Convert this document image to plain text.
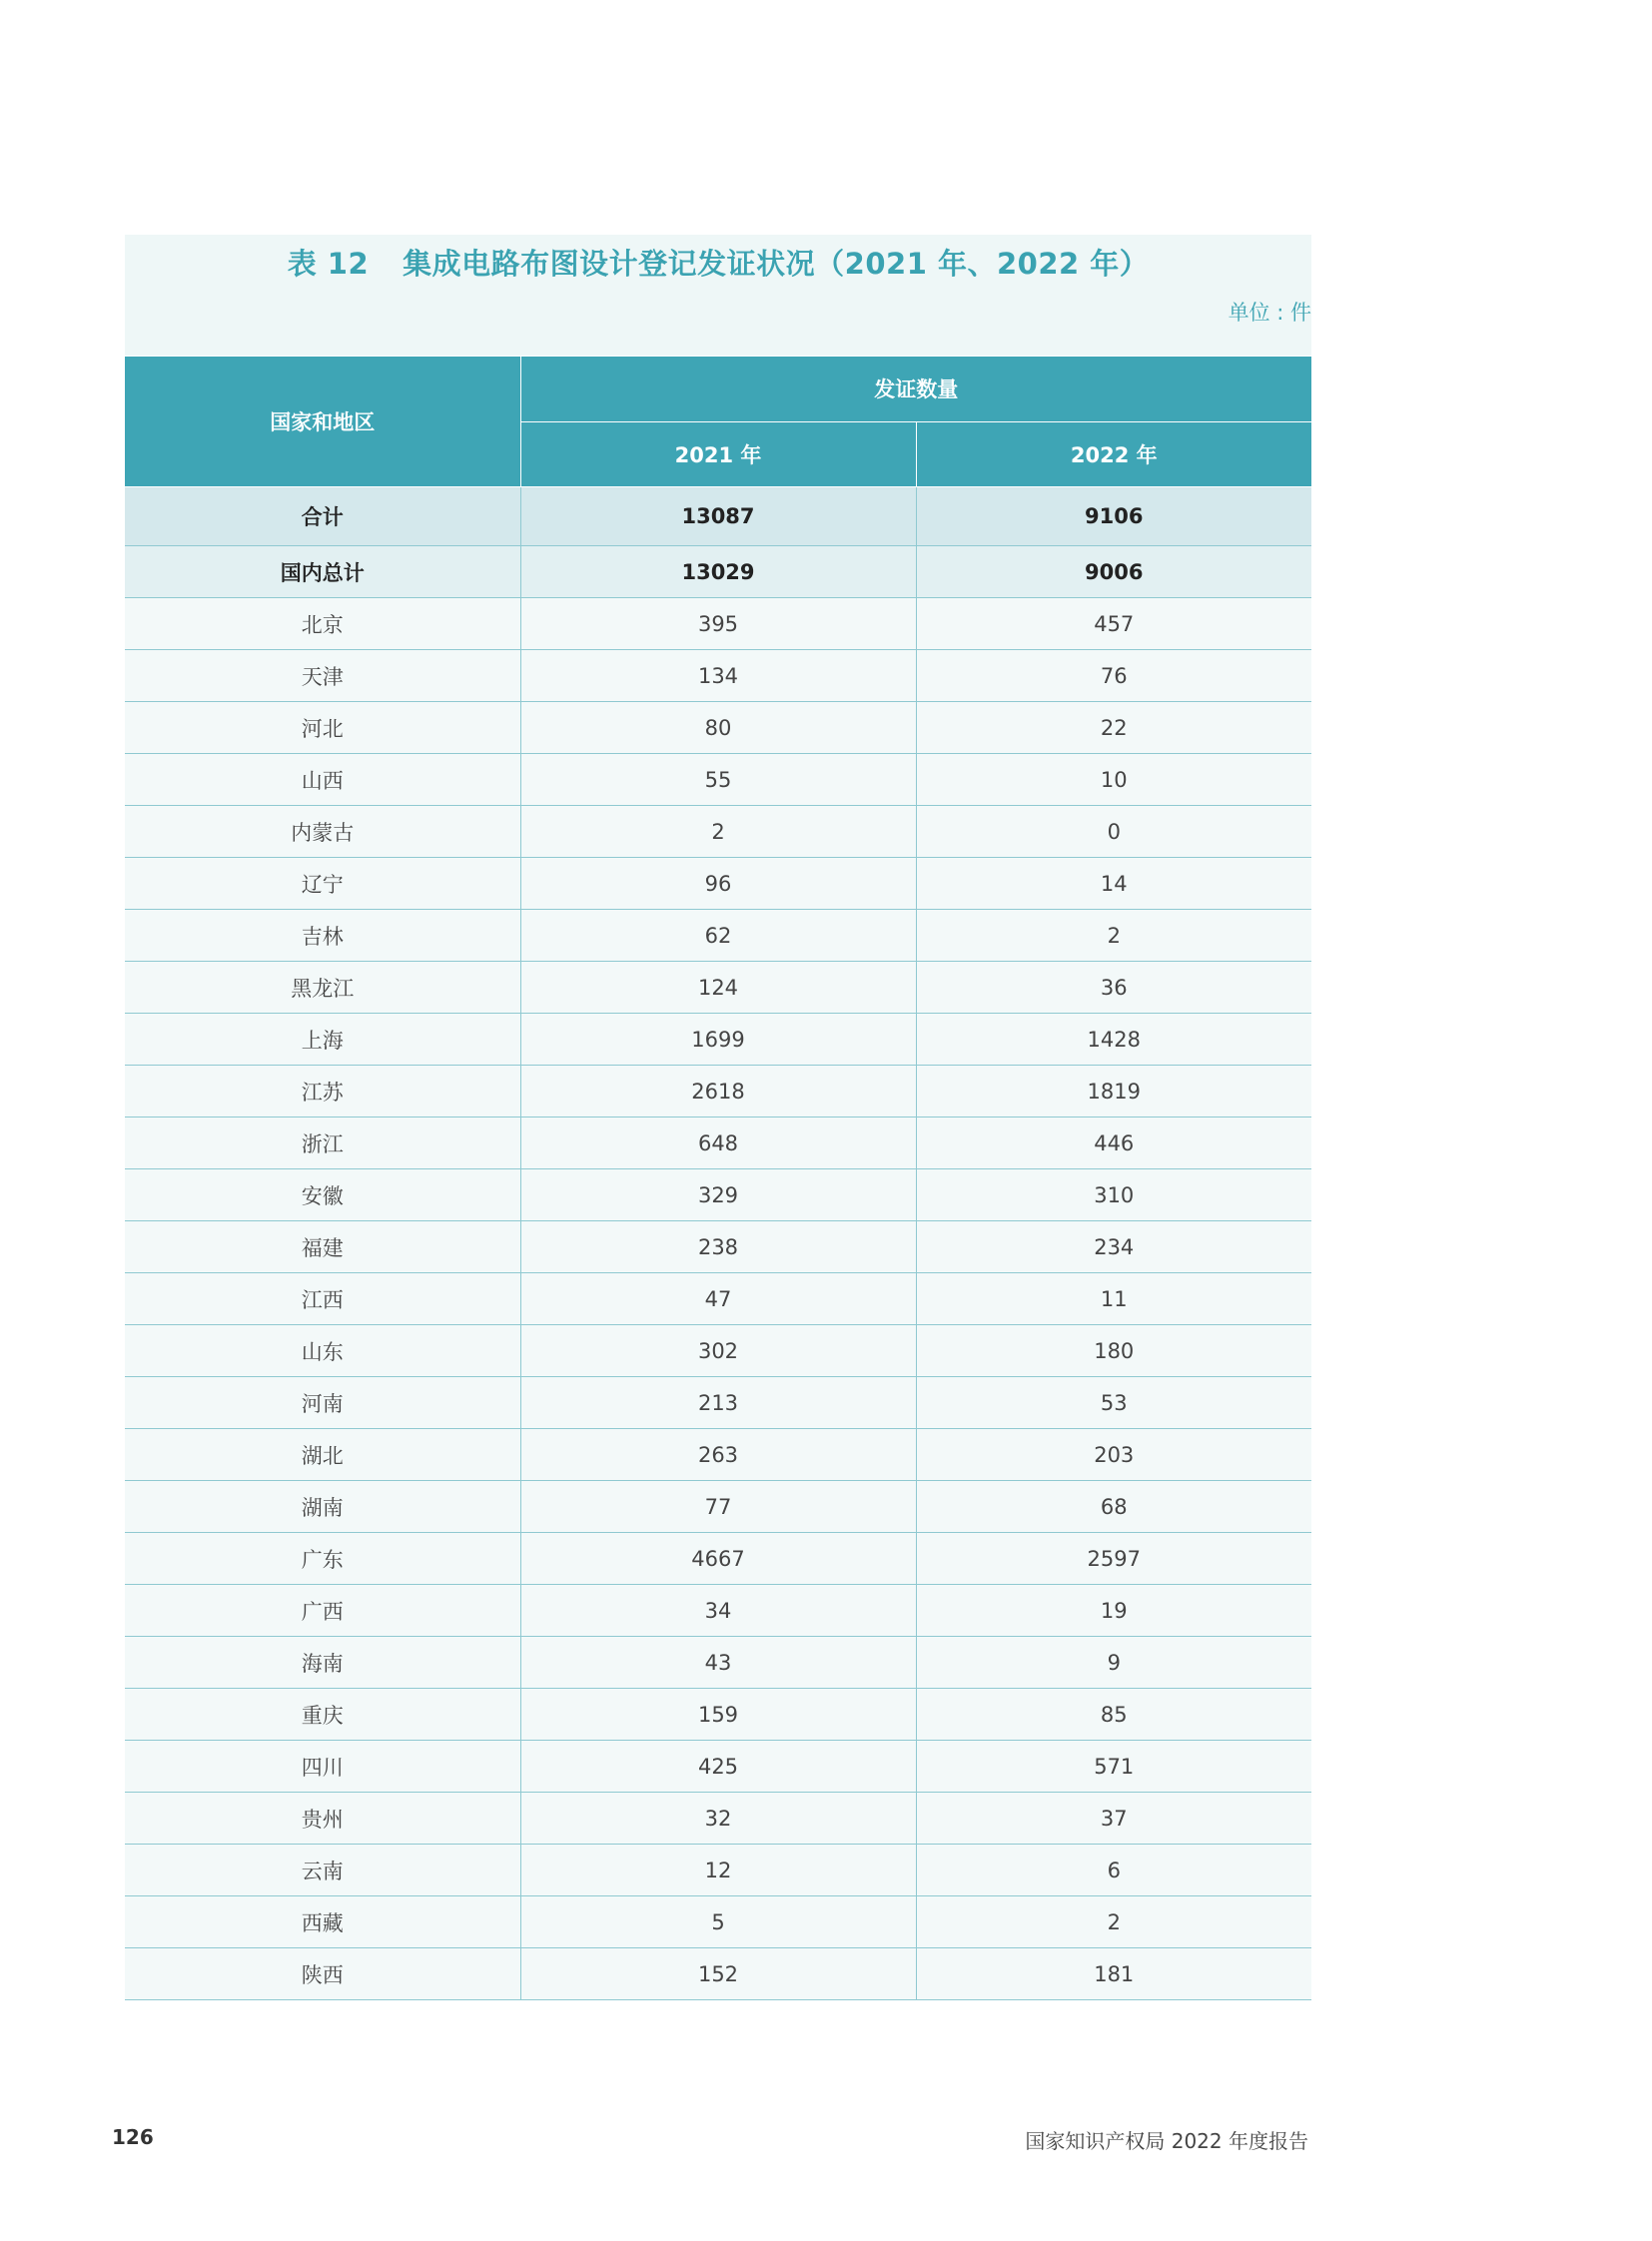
表 12 集成电路布图设计登记发证状况（2021 年、2022 年）
单位 : 件
国家和地区	发证数量	
	2021 年	2022 年
合计	13087	9106
国内总计	13029	9006
北京	395	457
天津	134	76
河北	80	22
山西	55	10
内蒙古	2	0
辽宁	96	14
吉林	62	2
黑龙江	124	36
上海	1699	1428
江苏	2618	1819
浙江	648	446
安徽	329	310
福建	238	234
江西	47	11
山东	302	180
河南	213	53
湖北	263	203
湖南	77	68
广东	4667	2597
广西	34	19
海南	43	9
重庆	159	85
四川	425	571
贵州	32	37
云南	12	6
西藏	5	2
陕西	152	181
126	国家知识产权局 2022 年度报告
